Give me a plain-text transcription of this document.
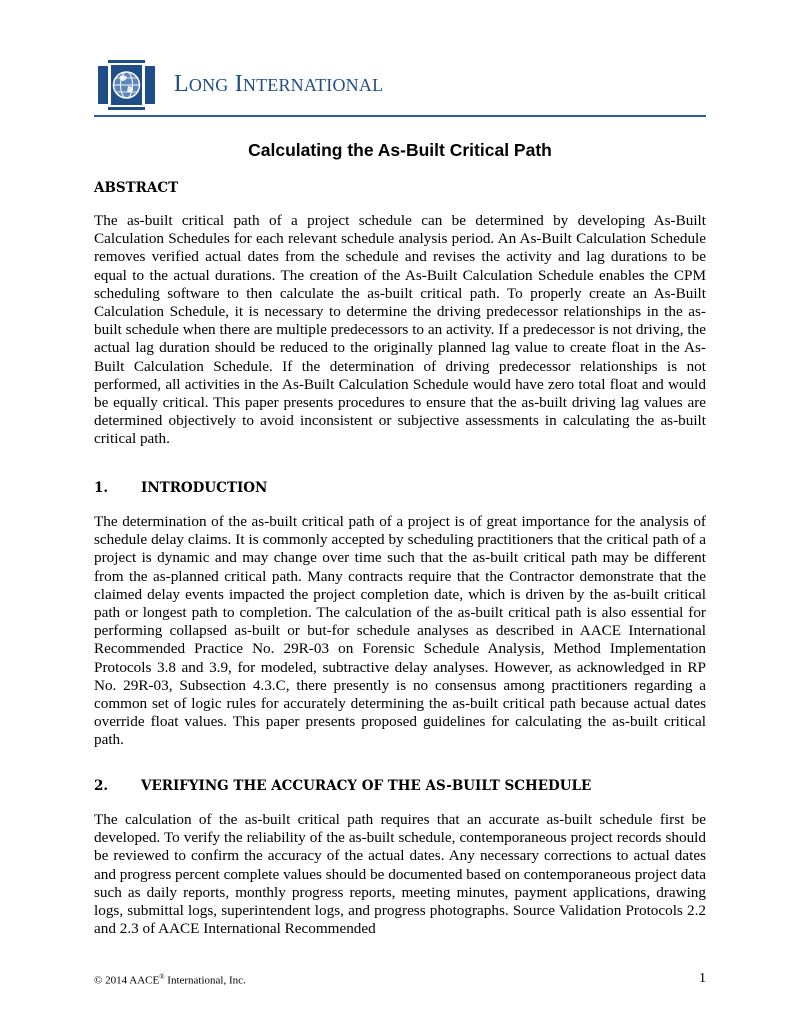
LONG INTERNATIONAL
Calculating the As-Built Critical Path
ABSTRACT

The as-built critical path of a project schedule can be determined by developing As-Built Calculation Schedules for each relevant schedule analysis period. An As-Built Calculation Schedule removes verified actual dates from the schedule and revises the activity and lag durations to be equal to the actual durations. The creation of the As-Built Calculation Schedule enables the CPM scheduling software to then calculate the as-built critical path. To properly create an As-Built Calculation Schedule, it is necessary to determine the driving predecessor relationships in the as-built schedule when there are multiple predecessors to an activity. If a predecessor is not driving, the actual lag duration should be reduced to the originally planned lag value to create float in the As-Built Calculation Schedule. If the determination of driving predecessor relationships is not performed, all activities in the As-Built Calculation Schedule would have zero total float and would be equally critical. This paper presents procedures to ensure that the as-built driving lag values are determined objectively to avoid inconsistent or subjective assessments in calculating the as-built critical path.

1. INTRODUCTION

The determination of the as-built critical path of a project is of great importance for the analysis of schedule delay claims. It is commonly accepted by scheduling practitioners that the critical path of a project is dynamic and may change over time such that the as-built critical path may be different from the as-planned critical path. Many contracts require that the Contractor demonstrate that the claimed delay events impacted the project completion date, which is driven by the as-built critical path or longest path to completion. The calculation of the as-built critical path is also essential for performing collapsed as-built or but-for schedule analyses as described in AACE International Recommended Practice No. 29R-03 on Forensic Schedule Analysis, Method Implementation Protocols 3.8 and 3.9, for modeled, subtractive delay analyses. However, as acknowledged in RP No. 29R-03, Subsection 4.3.C, there presently is no consensus among practitioners regarding a common set of logic rules for accurately determining the as-built critical path because actual dates override float values. This paper presents proposed guidelines for calculating the as-built critical path.

2. VERIFYING THE ACCURACY OF THE AS-BUILT SCHEDULE

The calculation of the as-built critical path requires that an accurate as-built schedule first be developed. To verify the reliability of the as-built schedule, contemporaneous project records should be reviewed to confirm the accuracy of the actual dates. Any necessary corrections to actual dates and progress percent complete values should be documented based on contemporaneous project data such as daily reports, monthly progress reports, meeting minutes, payment applications, drawing logs, submittal logs, superintendent logs, and progress photographs. Source Validation Protocols 2.2 and 2.3 of AACE International Recommended

© 2014 AACE® International, Inc.	1
